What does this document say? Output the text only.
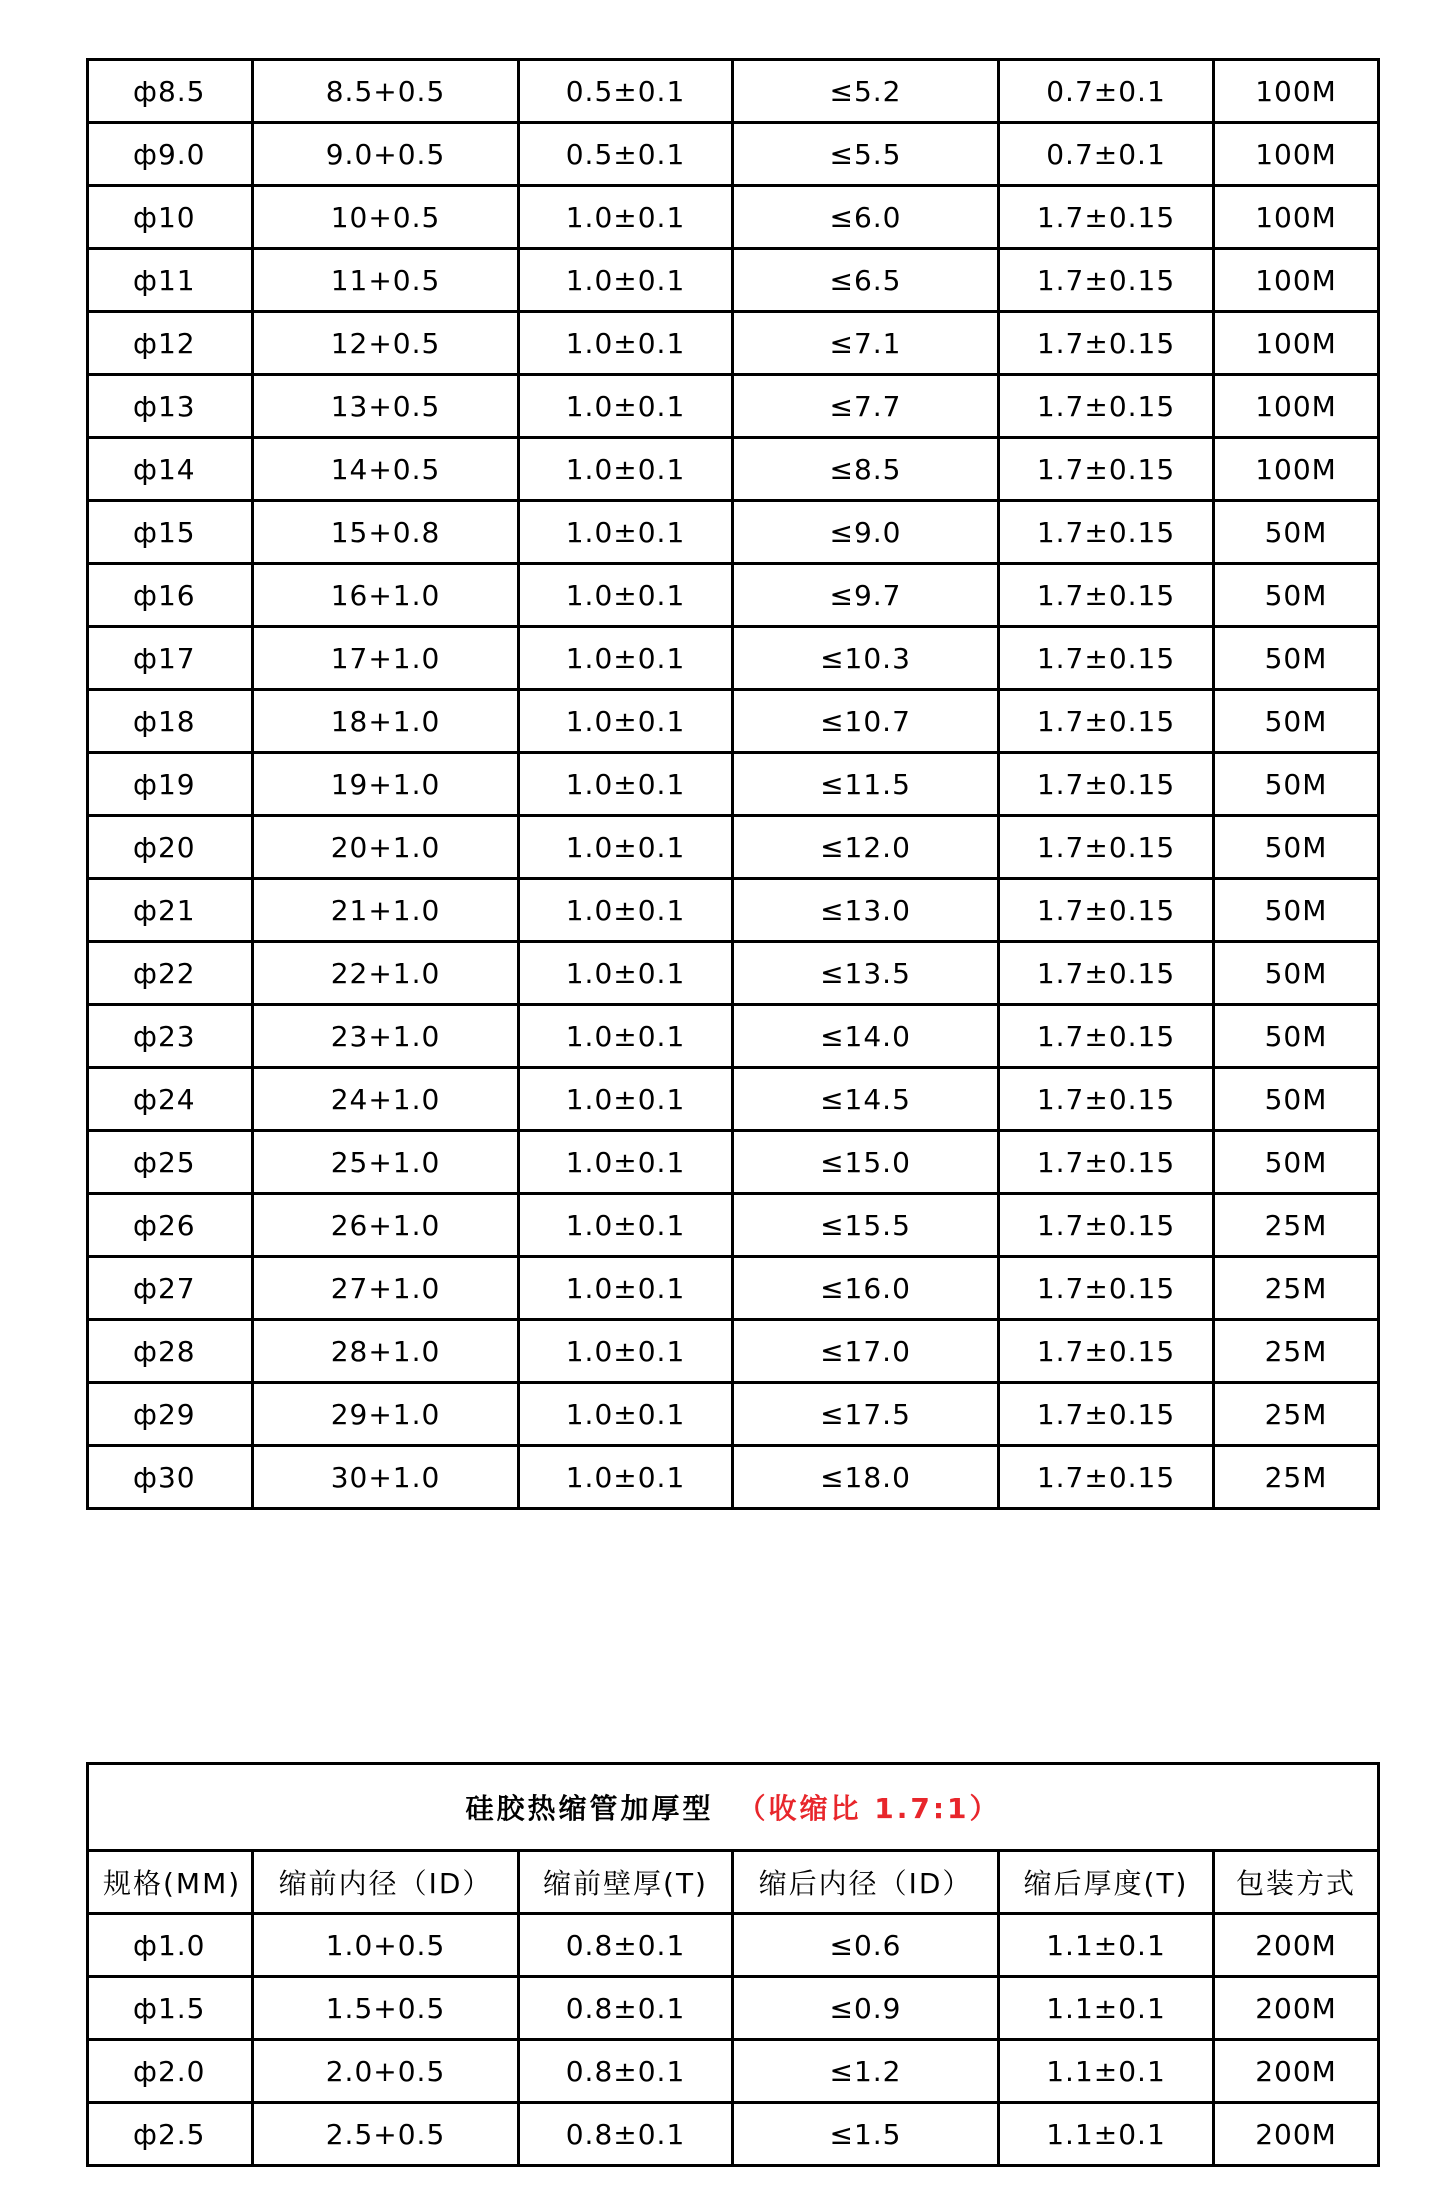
ф8.5	8.5+0.5	0.5±0.1	≤5.2	0.7±0.1	100M
ф9.0	9.0+0.5	0.5±0.1	≤5.5	0.7±0.1	100M
ф10	10+0.5	1.0±0.1	≤6.0	1.7±0.15	100M
ф11	11+0.5	1.0±0.1	≤6.5	1.7±0.15	100M
ф12	12+0.5	1.0±0.1	≤7.1	1.7±0.15	100M
ф13	13+0.5	1.0±0.1	≤7.7	1.7±0.15	100M
ф14	14+0.5	1.0±0.1	≤8.5	1.7±0.15	100M
ф15	15+0.8	1.0±0.1	≤9.0	1.7±0.15	50M
ф16	16+1.0	1.0±0.1	≤9.7	1.7±0.15	50M
ф17	17+1.0	1.0±0.1	≤10.3	1.7±0.15	50M
ф18	18+1.0	1.0±0.1	≤10.7	1.7±0.15	50M
ф19	19+1.0	1.0±0.1	≤11.5	1.7±0.15	50M
ф20	20+1.0	1.0±0.1	≤12.0	1.7±0.15	50M
ф21	21+1.0	1.0±0.1	≤13.0	1.7±0.15	50M
ф22	22+1.0	1.0±0.1	≤13.5	1.7±0.15	50M
ф23	23+1.0	1.0±0.1	≤14.0	1.7±0.15	50M
ф24	24+1.0	1.0±0.1	≤14.5	1.7±0.15	50M
ф25	25+1.0	1.0±0.1	≤15.0	1.7±0.15	50M
ф26	26+1.0	1.0±0.1	≤15.5	1.7±0.15	25M
ф27	27+1.0	1.0±0.1	≤16.0	1.7±0.15	25M
ф28	28+1.0	1.0±0.1	≤17.0	1.7±0.15	25M
ф29	29+1.0	1.0±0.1	≤17.5	1.7±0.15	25M
ф30	30+1.0	1.0±0.1	≤18.0	1.7±0.15	25M
硅胶热缩管加厚型 （收缩比 1.7:1）					
规格(MM)	缩前内径（ID）	缩前壁厚(T)	缩后内径（ID）	缩后厚度(T)	包装方式
ф1.0	1.0+0.5	0.8±0.1	≤0.6	1.1±0.1	200M
ф1.5	1.5+0.5	0.8±0.1	≤0.9	1.1±0.1	200M
ф2.0	2.0+0.5	0.8±0.1	≤1.2	1.1±0.1	200M
ф2.5	2.5+0.5	0.8±0.1	≤1.5	1.1±0.1	200M
